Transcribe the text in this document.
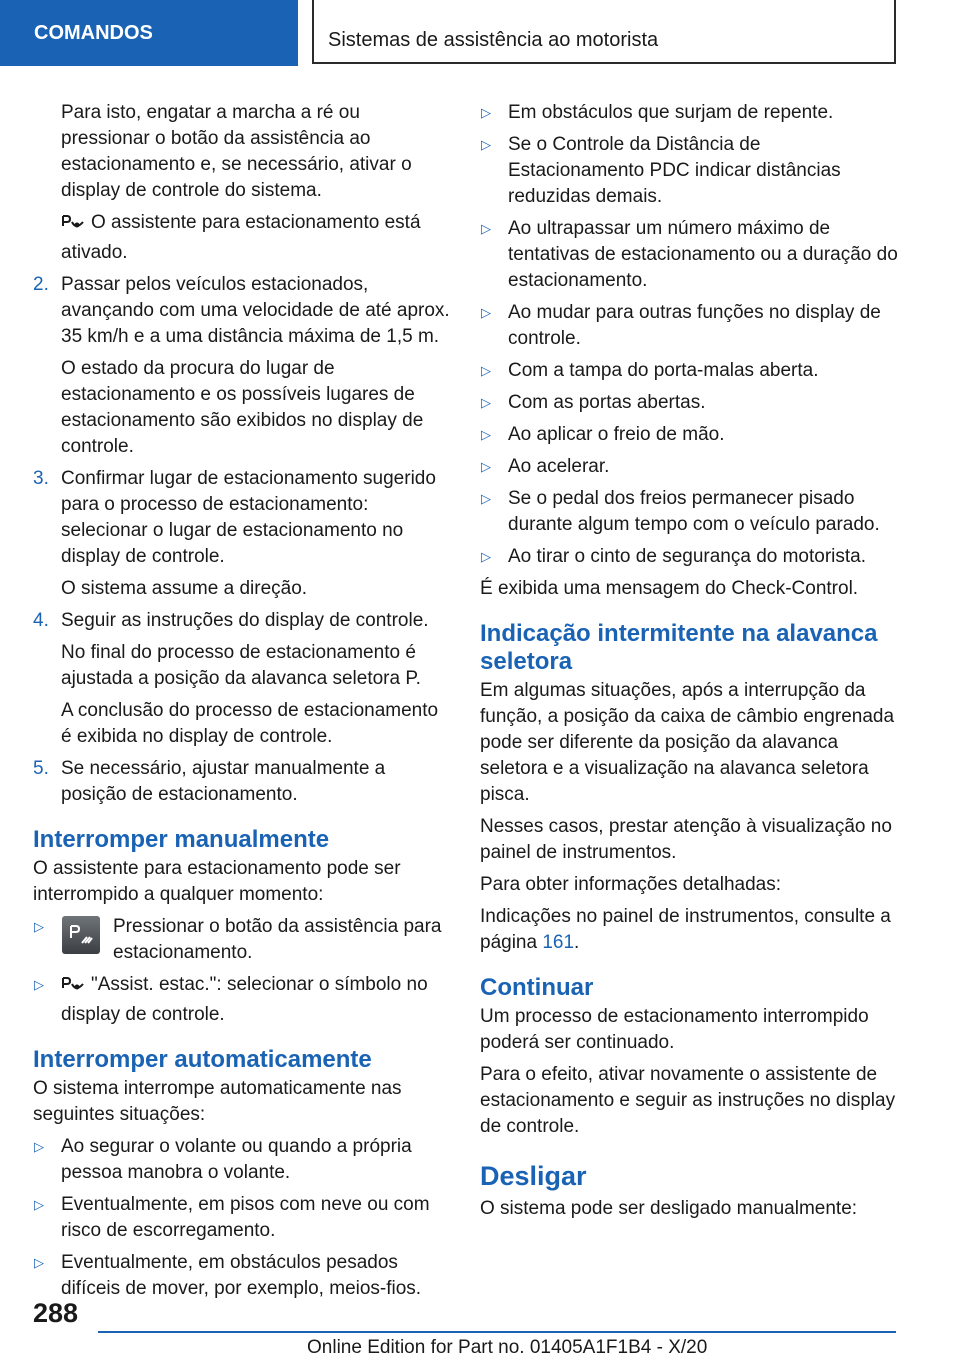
COMANDOS	Sistemas de assistência ao motorista

Para isto, engatar a marcha a ré ou pressionar o botão da assistência ao estacionamento e, se necessário, ativar o display de controle do sistema.

O assistente para estacionamento está ativado.

2. Passar pelos veículos estacionados, avançando com uma velocidade de até aprox. 35 km/h e a uma distância máxima de 1,5 m.

O estado da procura do lugar de estacionamento e os possíveis lugares de estacionamento são exibidos no display de controle.

3. Confirmar lugar de estacionamento sugerido para o processo de estacionamento: selecionar o lugar de estacionamento no display de controle.

O sistema assume a direção.

4. Seguir as instruções do display de controle.

No final do processo de estacionamento é ajustada a posição da alavanca seletora P.

A conclusão do processo de estacionamento é exibida no display de controle.

5. Se necessário, ajustar manualmente a posição de estacionamento.

Interromper manualmente

O assistente para estacionamento pode ser interrompido a qualquer momento:

▷	Pressionar o botão da assistência para estacionamento.

▷	"Assist. estac.": selecionar o símbolo no display de controle.

Interromper automaticamente

O sistema interrompe automaticamente nas seguintes situações:

▷ Ao segurar o volante ou quando a própria pessoa manobra o volante.

▷ Eventualmente, em pisos com neve ou com risco de escorregamento.

▷ Eventualmente, em obstáculos pesados difíceis de mover, por exemplo, meios-fios.

▷ Em obstáculos que surjam de repente.

▷ Se o Controle da Distância de Estacionamento PDC indicar distâncias reduzidas demais.

▷ Ao ultrapassar um número máximo de tentativas de estacionamento ou a duração do estacionamento.

▷ Ao mudar para outras funções no display de controle.

▷ Com a tampa do porta-malas aberta.

▷ Com as portas abertas.

▷ Ao aplicar o freio de mão.

▷ Ao acelerar.

▷ Se o pedal dos freios permanecer pisado durante algum tempo com o veículo parado.

▷ Ao tirar o cinto de segurança do motorista.

É exibida uma mensagem do Check-Control.

Indicação intermitente na alavanca seletora

Em algumas situações, após a interrupção da função, a posição da caixa de câmbio engrenada pode ser diferente da posição da alavanca seletora e a visualização na alavanca seletora pisca.

Nesses casos, prestar atenção à visualização no painel de instrumentos.

Para obter informações detalhadas:

Indicações no painel de instrumentos, consulte a página 161.

Continuar

Um processo de estacionamento interrompido poderá ser continuado.

Para o efeito, ativar novamente o assistente de estacionamento e seguir as instruções no display de controle.

Desligar

O sistema pode ser desligado manualmente:

288
Online Edition for Part no. 01405A1F1B4 - X/20
